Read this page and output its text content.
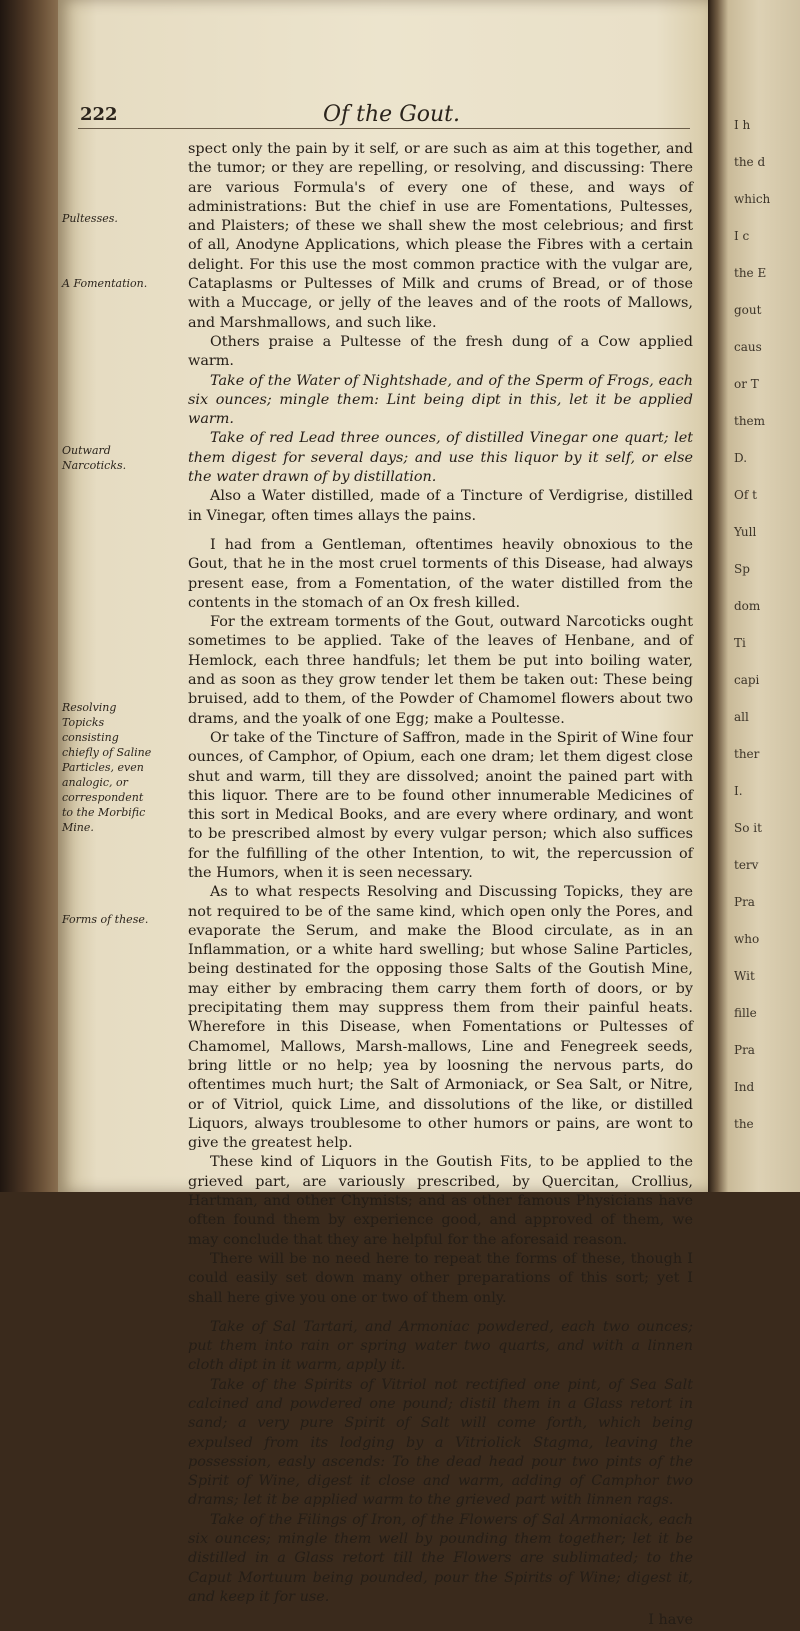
222	Of the Gout.
Pultesses.
A Fomentation.
Outward Narcoticks.
Resolving Topicks consisting chiefly of Saline Particles, even analogic, or correspondent to the Morbific Mine.
Forms of these.

spect only the pain by it self, or are such as aim at this together, and the tumor; or they are repelling, or resolving, and discussing: There are various Formula's of every one of these, and ways of administrations: But the chief in use are Fomentations, Pultesses, and Plaisters; of these we shall shew the most celebrious; and first of all, Anodyne Applications, which please the Fibres with a certain delight. For this use the most common practice with the vulgar are, Cataplasms or Pultesses of Milk and crums of Bread, or of those with a Muccage, or jelly of the leaves and of the roots of Mallows, and Marshmallows, and such like.

Others praise a Pultesse of the fresh dung of a Cow applied warm.

Take of the Water of Nightshade, and of the Sperm of Frogs, each six ounces; mingle them: Lint being dipt in this, let it be applied warm.

Take of red Lead three ounces, of distilled Vinegar one quart; let them digest for several days; and use this liquor by it self, or else the water drawn of by distillation.

Also a Water distilled, made of a Tincture of Verdigrise, distilled in Vinegar, often times allays the pains.

I had from a Gentleman, oftentimes heavily obnoxious to the Gout, that he in the most cruel torments of this Disease, had always present ease, from a Fomentation, of the water distilled from the contents in the stomach of an Ox fresh killed.

For the extream torments of the Gout, outward Narcoticks ought sometimes to be applied. Take of the leaves of Henbane, and of Hemlock, each three handfuls; let them be put into boiling water, and as soon as they grow tender let them be taken out: These being bruised, add to them, of the Powder of Chamomel flowers about two drams, and the yoalk of one Egg; make a Poultesse.

Or take of the Tincture of Saffron, made in the Spirit of Wine four ounces, of Camphor, of Opium, each one dram; let them digest close shut and warm, till they are dissolved; anoint the pained part with this liquor. There are to be found other innumerable Medicines of this sort in Medical Books, and are every where ordinary, and wont to be prescribed almost by every vulgar person; which also suffices for the fulfilling of the other Intention, to wit, the repercussion of the Humors, when it is seen necessary.

As to what respects Resolving and Discussing Topicks, they are not required to be of the same kind, which open only the Pores, and evaporate the Serum, and make the Blood circulate, as in an Inflammation, or a white hard swelling; but whose Saline Particles, being destinated for the opposing those Salts of the Goutish Mine, may either by embracing them carry them forth of doors, or by precipitating them may suppress them from their painful heats. Wherefore in this Disease, when Fomentations or Pultesses of Chamomel, Mallows, Marsh-mallows, Line and Fenegreek seeds, bring little or no help; yea by loosning the nervous parts, do oftentimes much hurt; the Salt of Armoniack, or Sea Salt, or Nitre, or of Vitriol, quick Lime, and dissolutions of the like, or distilled Liquors, always troublesome to other humors or pains, are wont to give the greatest help.

These kind of Liquors in the Goutish Fits, to be applied to the grieved part, are variously prescribed, by Quercitan, Crollius, Hartman, and other Chymists; and as other famous Physicians have often found them by experience good, and approved of them, we may conclude that they are helpful for the aforesaid reason.

There will be no need here to repeat the forms of these, though I could easily set down many other preparations of this sort; yet I shall here give you one or two of them only.

Take of Sal Tartari, and Armoniac powdered, each two ounces; put them into rain or spring water two quarts, and with a linnen cloth dipt in it warm, apply it.

Take of the Spirits of Vitriol not rectified one pint, of Sea Salt calcined and powdered one pound; distil them in a Glass retort in sand; a very pure Spirit of Salt will come forth, which being expulsed from its lodging by a Vitriolick Stagma, leaving the possession, easly ascends: To the dead head pour two pints of the Spirit of Wine, digest it close and warm, adding of Camphor two drams; let it be applied warm to the grieved part with linnen rags.

Take of the Filings of Iron, of the Flowers of Sal Armoniack, each six ounces; mingle them well by pounding them together; let it be distilled in a Glass retort till the Flowers are sublimated; to the Caput Mortuum being pounded, pour the Spirits of Wine; digest it, and keep it for use.

I have
I h
the d
which
I c
the E
gout
caus
or T
them
D.
Of t
Yull
Sp
dom
Ti
capi
all
ther
I.
So it
terv
Pra
who
Wit
fille
Pra
Ind
the
